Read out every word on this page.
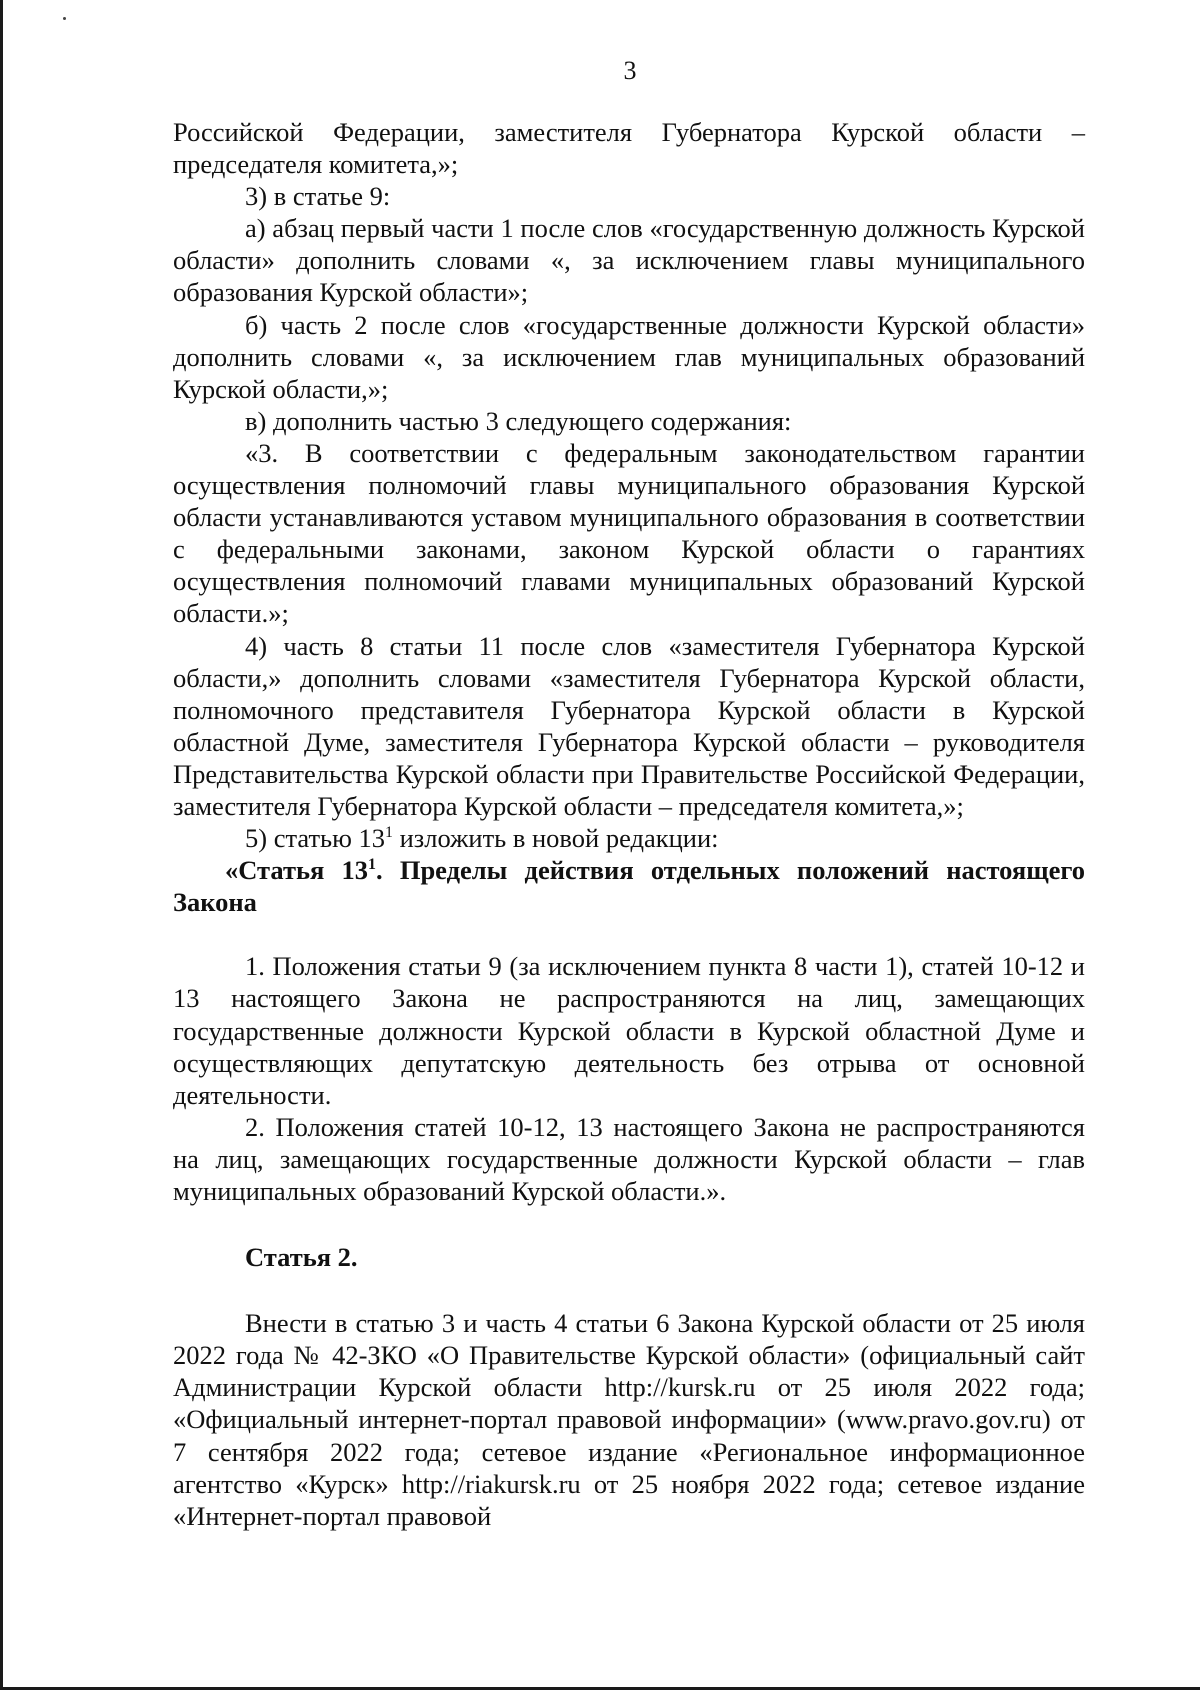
3

Российской Федерации, заместителя Губернатора Курской области – председателя комитета,»;

3) в статье 9:

а) абзац первый части 1 после слов «государственную должность Курской области» дополнить словами «, за исключением главы муниципального образования Курской области»;

б) часть 2 после слов «государственные должности Курской области» дополнить словами «, за исключением глав муниципальных образований Курской области,»;

в) дополнить частью 3 следующего содержания:

«3. В соответствии с федеральным законодательством гарантии осуществления полномочий главы муниципального образования Курской области устанавливаются уставом муниципального образования в соответствии с федеральными законами, законом Курской области о гарантиях осуществления полномочий главами муниципальных образований Курской области.»;

4) часть 8 статьи 11 после слов «заместителя Губернатора Курской области,» дополнить словами «заместителя Губернатора Курской области, полномочного представителя Губернатора Курской области в Курской областной Думе, заместителя Губернатора Курской области – руководителя Представительства Курской области при Правительстве Российской Федерации, заместителя Губернатора Курской области – председателя комитета,»;

5) статью $13^1$ изложить в новой редакции:

«Статья $13^1$. Пределы действия отдельных положений настоящего Закона

1. Положения статьи 9 (за исключением пункта 8 части 1), статей 10-12 и 13 настоящего Закона не распространяются на лиц, замещающих государственные должности Курской области в Курской областной Думе и осуществляющих депутатскую деятельность без отрыва от основной деятельности.

2. Положения статей 10-12, 13 настоящего Закона не распространяются на лиц, замещающих государственные должности Курской области – глав муниципальных образований Курской области.».

Статья 2.

Внести в статью 3 и часть 4 статьи 6 Закона Курской области от 25 июля 2022 года № 42-ЗКО «О Правительстве Курской области» (официальный сайт Администрации Курской области http://kursk.ru от 25 июля 2022 года; «Официальный интернет-портал правовой информации» (www.pravo.gov.ru) от 7 сентября 2022 года; сетевое издание «Региональное информационное агентство «Курск» http://riakursk.ru от 25 ноября 2022 года; сетевое издание «Интернет-портал правовой
